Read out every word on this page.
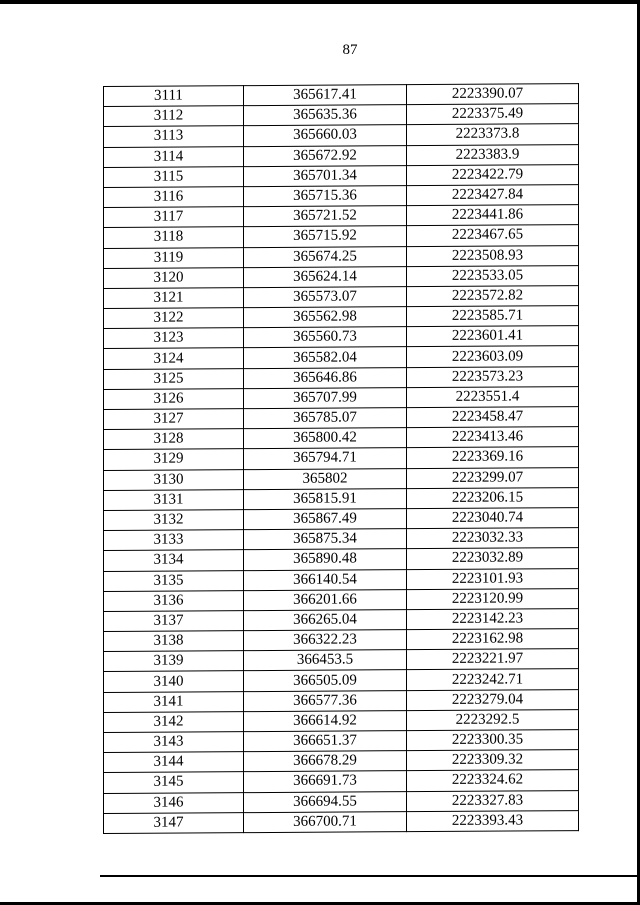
87
3111	365617.41	2223390.07
3112	365635.36	2223375.49
3113	365660.03	2223373.8
3114	365672.92	2223383.9
3115	365701.34	2223422.79
3116	365715.36	2223427.84
3117	365721.52	2223441.86
3118	365715.92	2223467.65
3119	365674.25	2223508.93
3120	365624.14	2223533.05
3121	365573.07	2223572.82
3122	365562.98	2223585.71
3123	365560.73	2223601.41
3124	365582.04	2223603.09
3125	365646.86	2223573.23
3126	365707.99	2223551.4
3127	365785.07	2223458.47
3128	365800.42	2223413.46
3129	365794.71	2223369.16
3130	365802	2223299.07
3131	365815.91	2223206.15
3132	365867.49	2223040.74
3133	365875.34	2223032.33
3134	365890.48	2223032.89
3135	366140.54	2223101.93
3136	366201.66	2223120.99
3137	366265.04	2223142.23
3138	366322.23	2223162.98
3139	366453.5	2223221.97
3140	366505.09	2223242.71
3141	366577.36	2223279.04
3142	366614.92	2223292.5
3143	366651.37	2223300.35
3144	366678.29	2223309.32
3145	366691.73	2223324.62
3146	366694.55	2223327.83
3147	366700.71	2223393.43
